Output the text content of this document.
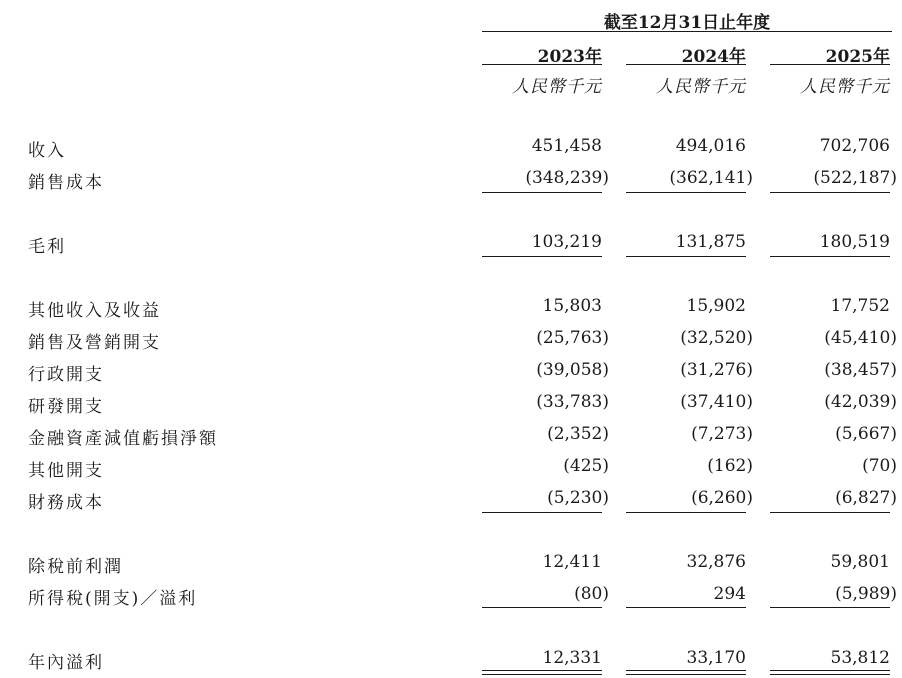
截至12月31日止年度
2023年	2024年	2025年
人民幣千元	人民幣千元	人民幣千元
收入	451,458	494,016	702,706
銷售成本	(348,239)	(362,141)	(522,187)
毛利	103,219	131,875	180,519
其他收入及收益	15,803	15,902	17,752
銷售及營銷開支	(25,763)	(32,520)	(45,410)
行政開支	(39,058)	(31,276)	(38,457)
研發開支	(33,783)	(37,410)	(42,039)
金融資產減值虧損淨額	(2,352)	(7,273)	(5,667)
其他開支	(425)	(162)	(70)
財務成本	(5,230)	(6,260)	(6,827)
除稅前利潤	12,411	32,876	59,801
所得稅(開支)／溢利	(80)	294	(5,989)
年內溢利	12,331	33,170	53,812
